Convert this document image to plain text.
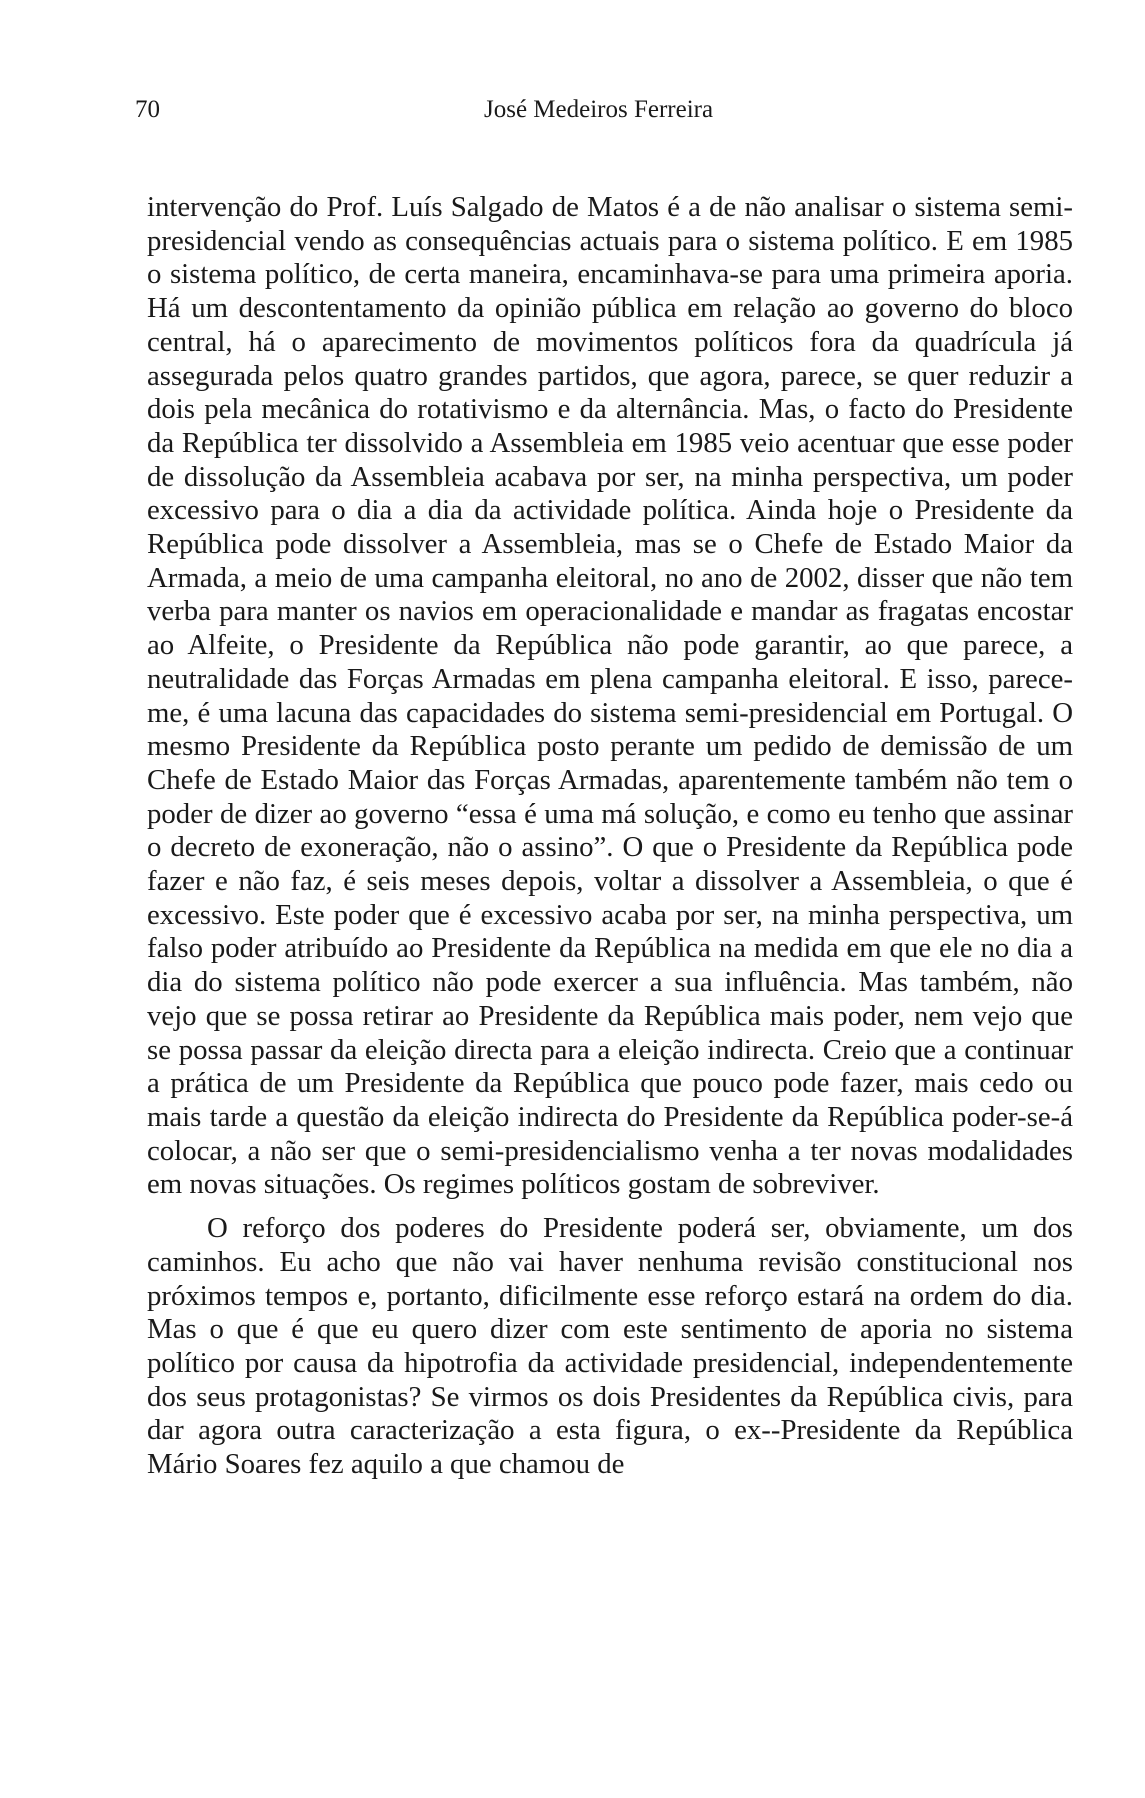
70	José Medeiros Ferreira

intervenção do Prof. Luís Salgado de Matos é a de não analisar o sistema semi-presidencial vendo as consequências actuais para o sistema político. E em 1985 o sistema político, de certa maneira, encaminhava-se para uma primeira aporia. Há um descontentamento da opinião pública em relação ao governo do bloco central, há o aparecimento de movimentos políticos fora da quadrícula já assegurada pelos quatro grandes partidos, que agora, parece, se quer reduzir a dois pela mecânica do rotativismo e da alternância. Mas, o facto do Presidente da República ter dissolvido a Assembleia em 1985 veio acentuar que esse poder de dissolução da Assembleia acabava por ser, na minha perspectiva, um poder excessivo para o dia a dia da actividade política. Ainda hoje o Presidente da República pode dissolver a Assembleia, mas se o Chefe de Estado Maior da Armada, a meio de uma campanha eleitoral, no ano de 2002, disser que não tem verba para manter os navios em operacionalidade e mandar as fragatas encostar ao Alfeite, o Presidente da República não pode garantir, ao que parece, a neutralidade das Forças Armadas em plena campanha eleitoral. E isso, parece-me, é uma lacuna das capacidades do sistema semi-presidencial em Portugal. O mesmo Presidente da República posto perante um pedido de demissão de um Chefe de Estado Maior das Forças Armadas, aparentemente também não tem o poder de dizer ao governo “essa é uma má solução, e como eu tenho que assinar o decreto de exoneração, não o assino”. O que o Presidente da República pode fazer e não faz, é seis meses depois, voltar a dissolver a Assembleia, o que é excessivo. Este poder que é excessivo acaba por ser, na minha perspectiva, um falso poder atribuído ao Presidente da República na medida em que ele no dia a dia do sistema político não pode exercer a sua influência. Mas também, não vejo que se possa retirar ao Presidente da República mais poder, nem vejo que se possa passar da eleição directa para a eleição indirecta. Creio que a continuar a prática de um Presidente da República que pouco pode fazer, mais cedo ou mais tarde a questão da eleição indirecta do Presidente da República poder-se-á colocar, a não ser que o semi-presidencialismo venha a ter novas modalidades em novas situações. Os regimes políticos gostam de sobreviver.

O reforço dos poderes do Presidente poderá ser, obviamente, um dos caminhos. Eu acho que não vai haver nenhuma revisão constitucional nos próximos tempos e, portanto, dificilmente esse reforço estará na ordem do dia. Mas o que é que eu quero dizer com este sentimento de aporia no sistema político por causa da hipotrofia da actividade presidencial, independentemente dos seus protagonistas? Se virmos os dois Presidentes da República civis, para dar agora outra caracterização a esta figura, o ex--Presidente da República Mário Soares fez aquilo a que chamou de
